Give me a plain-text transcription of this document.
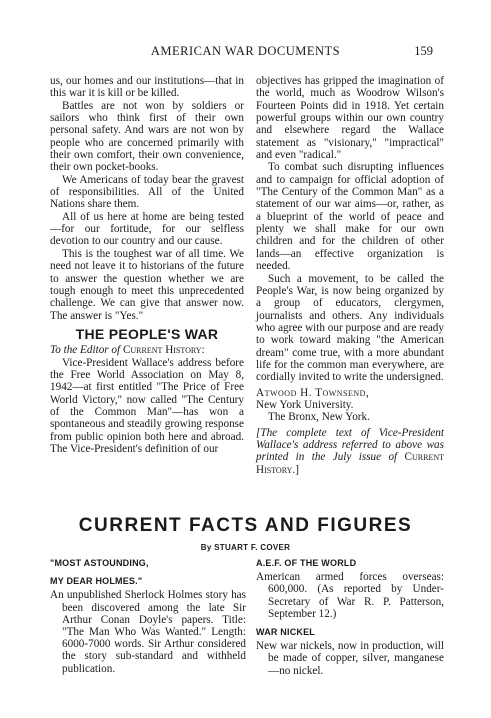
AMERICAN WAR DOCUMENTS	159

us, our homes and our institutions—that in this war it is kill or be killed.

Battles are not won by soldiers or sailors who think first of their own personal safety. And wars are not won by people who are concerned primarily with their own comfort, their own convenience, their own pocket-books.

We Americans of today bear the gravest of responsibilities. All of the United Nations share them.

All of us here at home are being tested—for our fortitude, for our selfless devotion to our country and our cause.

This is the toughest war of all time. We need not leave it to historians of the future to answer the question whether we are tough enough to meet this unprecedented challenge. We can give that answer now. The answer is "Yes."

THE PEOPLE'S WAR

To the Editor of Current History:

Vice-President Wallace's address before the Free World Association on May 8, 1942—at first entitled "The Price of Free World Victory," now called "The Century of the Common Man"—has won a spontaneous and steadily growing response from public opinion both here and abroad. The Vice-President's definition of our

objectives has gripped the imagination of the world, much as Woodrow Wilson's Fourteen Points did in 1918. Yet certain powerful groups within our own country and elsewhere regard the Wallace statement as "visionary," "impractical" and even "radical."

To combat such disrupting influences and to campaign for official adoption of "The Century of the Common Man" as a statement of our war aims—or, rather, as a blueprint of the world of peace and plenty we shall make for our own children and for the children of other lands—an effective organization is needed.

Such a movement, to be called the People's War, is now being organized by a group of educators, clergymen, journalists and others. Any individuals who agree with our purpose and are ready to work toward making "the American dream" come true, with a more abundant life for the common man everywhere, are cordially invited to write the undersigned.

Atwood H. Townsend,

New York University.

The Bronx, New York.

[The complete text of Vice-President Wallace's address referred to above was printed in the July issue of Current History.]

CURRENT FACTS AND FIGURES
By STUART F. COVER
"MOST ASTOUNDING,
MY DEAR HOLMES."

An unpublished Sherlock Holmes story has been discovered among the late Sir Arthur Conan Doyle's papers. Title: "The Man Who Was Wanted." Length: 6000-7000 words. Sir Arthur considered the story sub-standard and withheld publication.

A.E.F. OF THE WORLD

American armed forces overseas: 600,000. (As reported by Under-Secretary of War R. P. Patterson, September 12.)

WAR NICKEL

New war nickels, now in production, will be made of copper, silver, manganese—no nickel.
